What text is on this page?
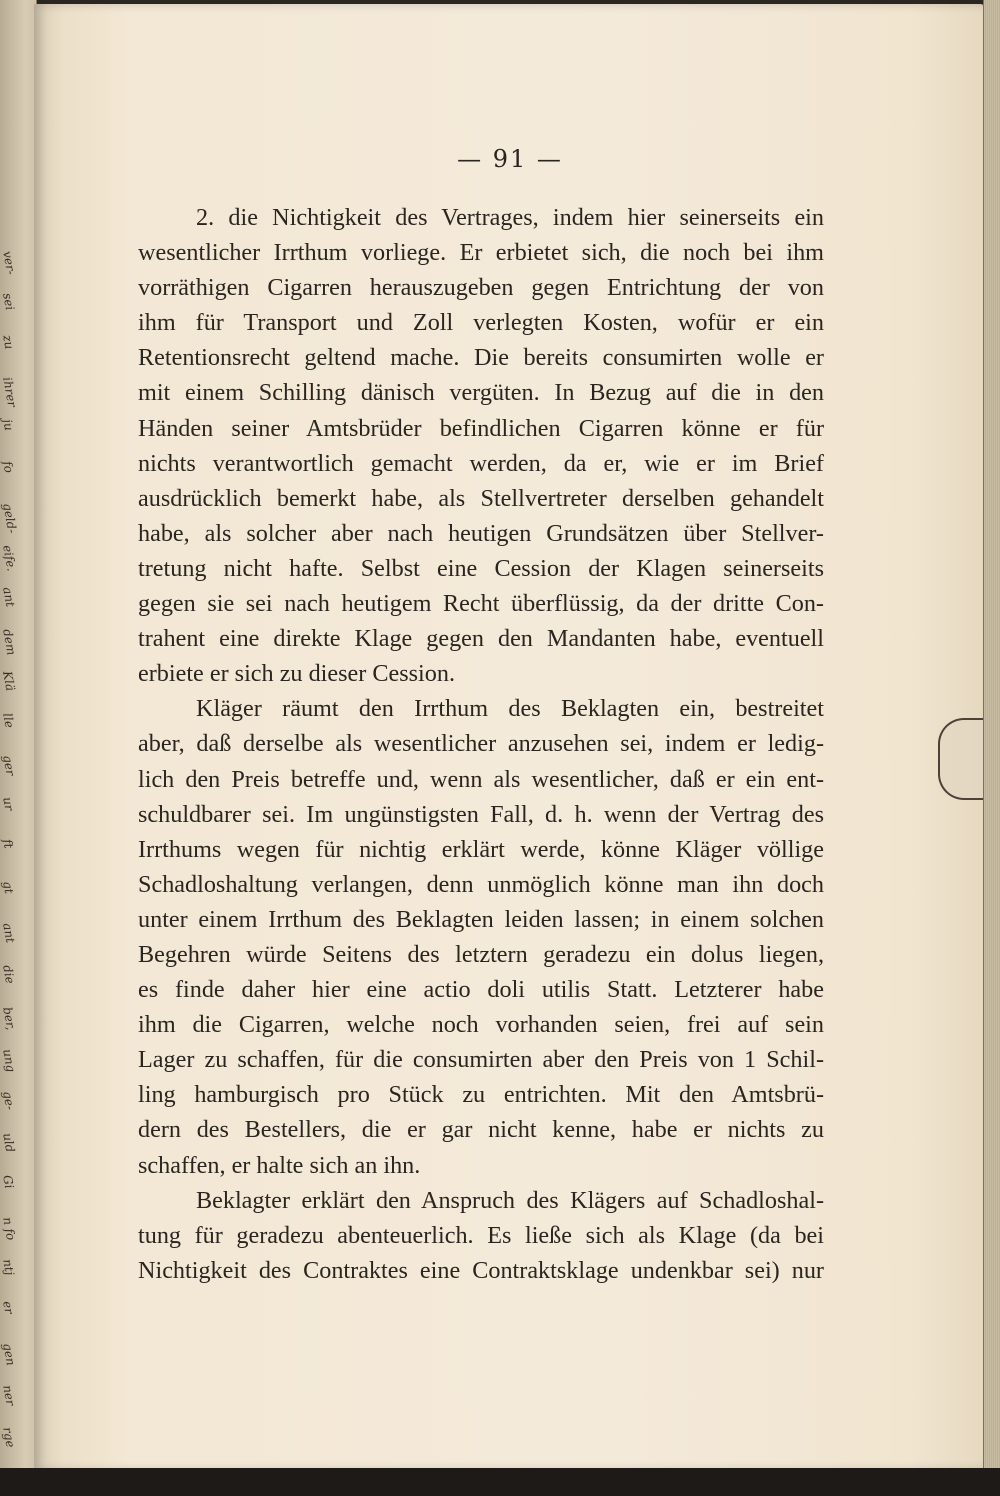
ver-
sei
zu
ihrer
ju
fo
geld-
eife.
ant
dem
Klä
lle
ger
ur
ft
gt
ant
die
ber,
ung
ge-
uld
Gi
n fo
ntj
er
gen
ner
rge
— 91 —
2. die Nichtigkeit des Vertrages, indem hier seinerseits ein
wesentlicher Irrthum vorliege. Er erbietet sich, die noch bei ihm
vorräthigen Cigarren herauszugeben gegen Entrichtung der von
ihm für Transport und Zoll verlegten Kosten, wofür er ein
Retentionsrecht geltend mache. Die bereits consumirten wolle er
mit einem Schilling dänisch vergüten. In Bezug auf die in den
Händen seiner Amtsbrüder befindlichen Cigarren könne er für
nichts verantwortlich gemacht werden, da er, wie er im Brief
ausdrücklich bemerkt habe, als Stellvertreter derselben gehandelt
habe, als solcher aber nach heutigen Grundsätzen über Stellver-
tretung nicht hafte. Selbst eine Cession der Klagen seinerseits
gegen sie sei nach heutigem Recht überflüssig, da der dritte Con-
trahent eine direkte Klage gegen den Mandanten habe, eventuell
erbiete er sich zu dieser Cession.
Kläger räumt den Irrthum des Beklagten ein, bestreitet
aber, daß derselbe als wesentlicher anzusehen sei, indem er ledig-
lich den Preis betreffe und, wenn als wesentlicher, daß er ein ent-
schuldbarer sei. Im ungünstigsten Fall, d. h. wenn der Vertrag des
Irrthums wegen für nichtig erklärt werde, könne Kläger völlige
Schadloshaltung verlangen, denn unmöglich könne man ihn doch
unter einem Irrthum des Beklagten leiden lassen; in einem solchen
Begehren würde Seitens des letztern geradezu ein dolus liegen,
es finde daher hier eine actio doli utilis Statt. Letzterer habe
ihm die Cigarren, welche noch vorhanden seien, frei auf sein
Lager zu schaffen, für die consumirten aber den Preis von 1 Schil-
ling hamburgisch pro Stück zu entrichten. Mit den Amtsbrü-
dern des Bestellers, die er gar nicht kenne, habe er nichts zu
schaffen, er halte sich an ihn.
Beklagter erklärt den Anspruch des Klägers auf Schadloshal-
tung für geradezu abenteuerlich. Es ließe sich als Klage (da bei
Nichtigkeit des Contraktes eine Contraktsklage undenkbar sei) nur
